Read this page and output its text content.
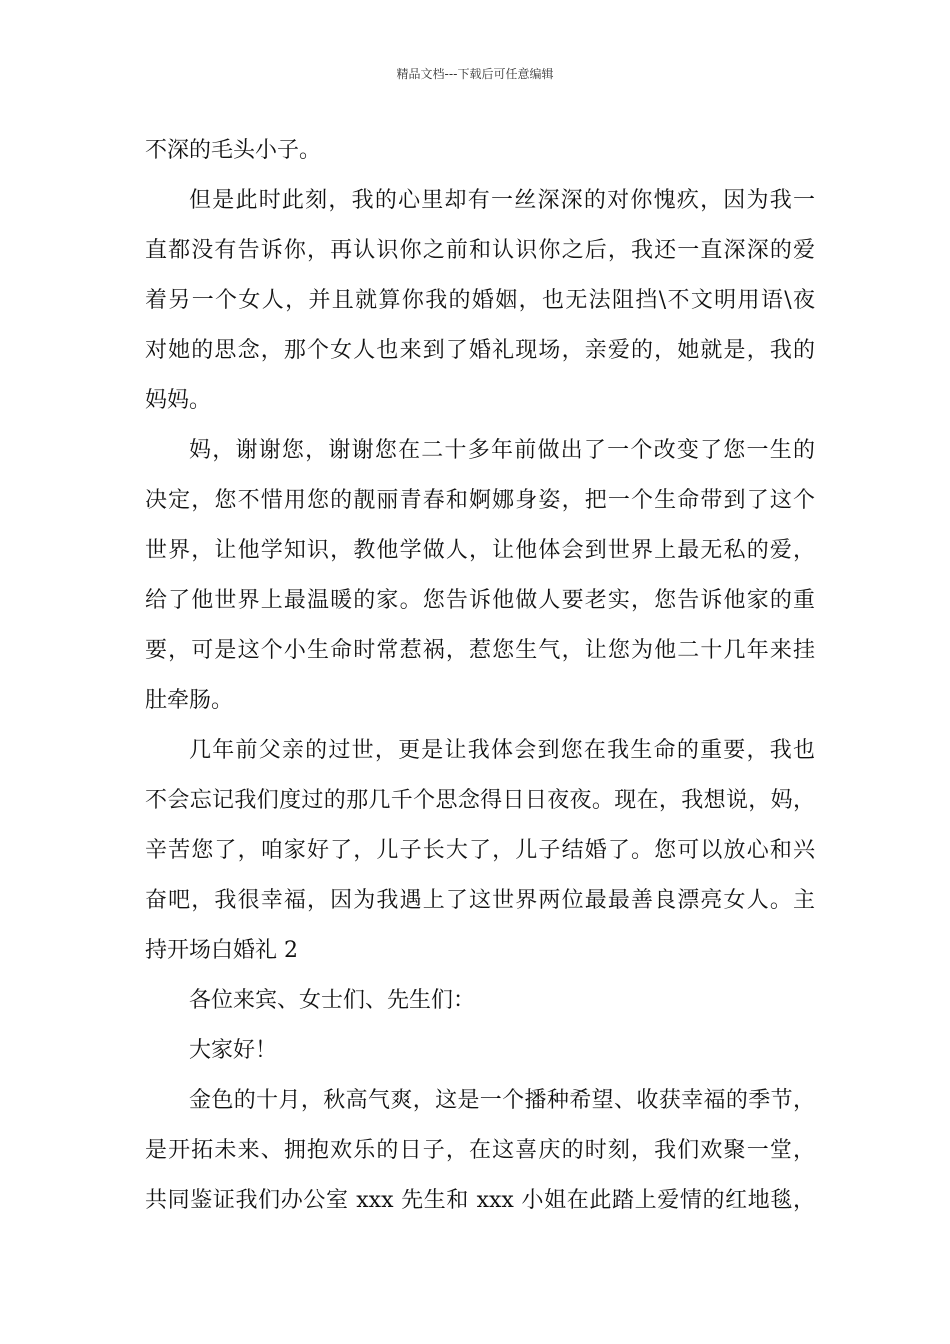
精品文档---下载后可任意编辑
不深的毛头小子。
但是此时此刻，我的心里却有一丝深深的对你愧疚，因为我一
直都没有告诉你，再认识你之前和认识你之后，我还一直深深的爱
着另一个女人，并且就算你我的婚姻，也无法阻挡\不文明用语\夜
对她的思念，那个女人也来到了婚礼现场，亲爱的，她就是，我的
妈妈。
妈，谢谢您，谢谢您在二十多年前做出了一个改变了您一生的
决定，您不惜用您的靓丽青春和婀娜身姿，把一个生命带到了这个
世界，让他学知识，教他学做人，让他体会到世界上最无私的爱，
给了他世界上最温暖的家。您告诉他做人要老实，您告诉他家的重
要，可是这个小生命时常惹祸，惹您生气，让您为他二十几年来挂
肚牵肠。
几年前父亲的过世，更是让我体会到您在我生命的重要，我也
不会忘记我们度过的那几千个思念得日日夜夜。现在，我想说，妈，
辛苦您了，咱家好了，儿子长大了，儿子结婚了。您可以放心和兴
奋吧，我很幸福，因为我遇上了这世界两位最最善良漂亮女人。主
持开场白婚礼 2
各位来宾、女士们、先生们：
大家好！
金色的十月，秋高气爽，这是一个播种希望、收获幸福的季节，
是开拓未来、拥抱欢乐的日子，在这喜庆的时刻，我们欢聚一堂，
共同鉴证我们办公室 xxx 先生和 xxx 小姐在此踏上爱情的红地毯，
